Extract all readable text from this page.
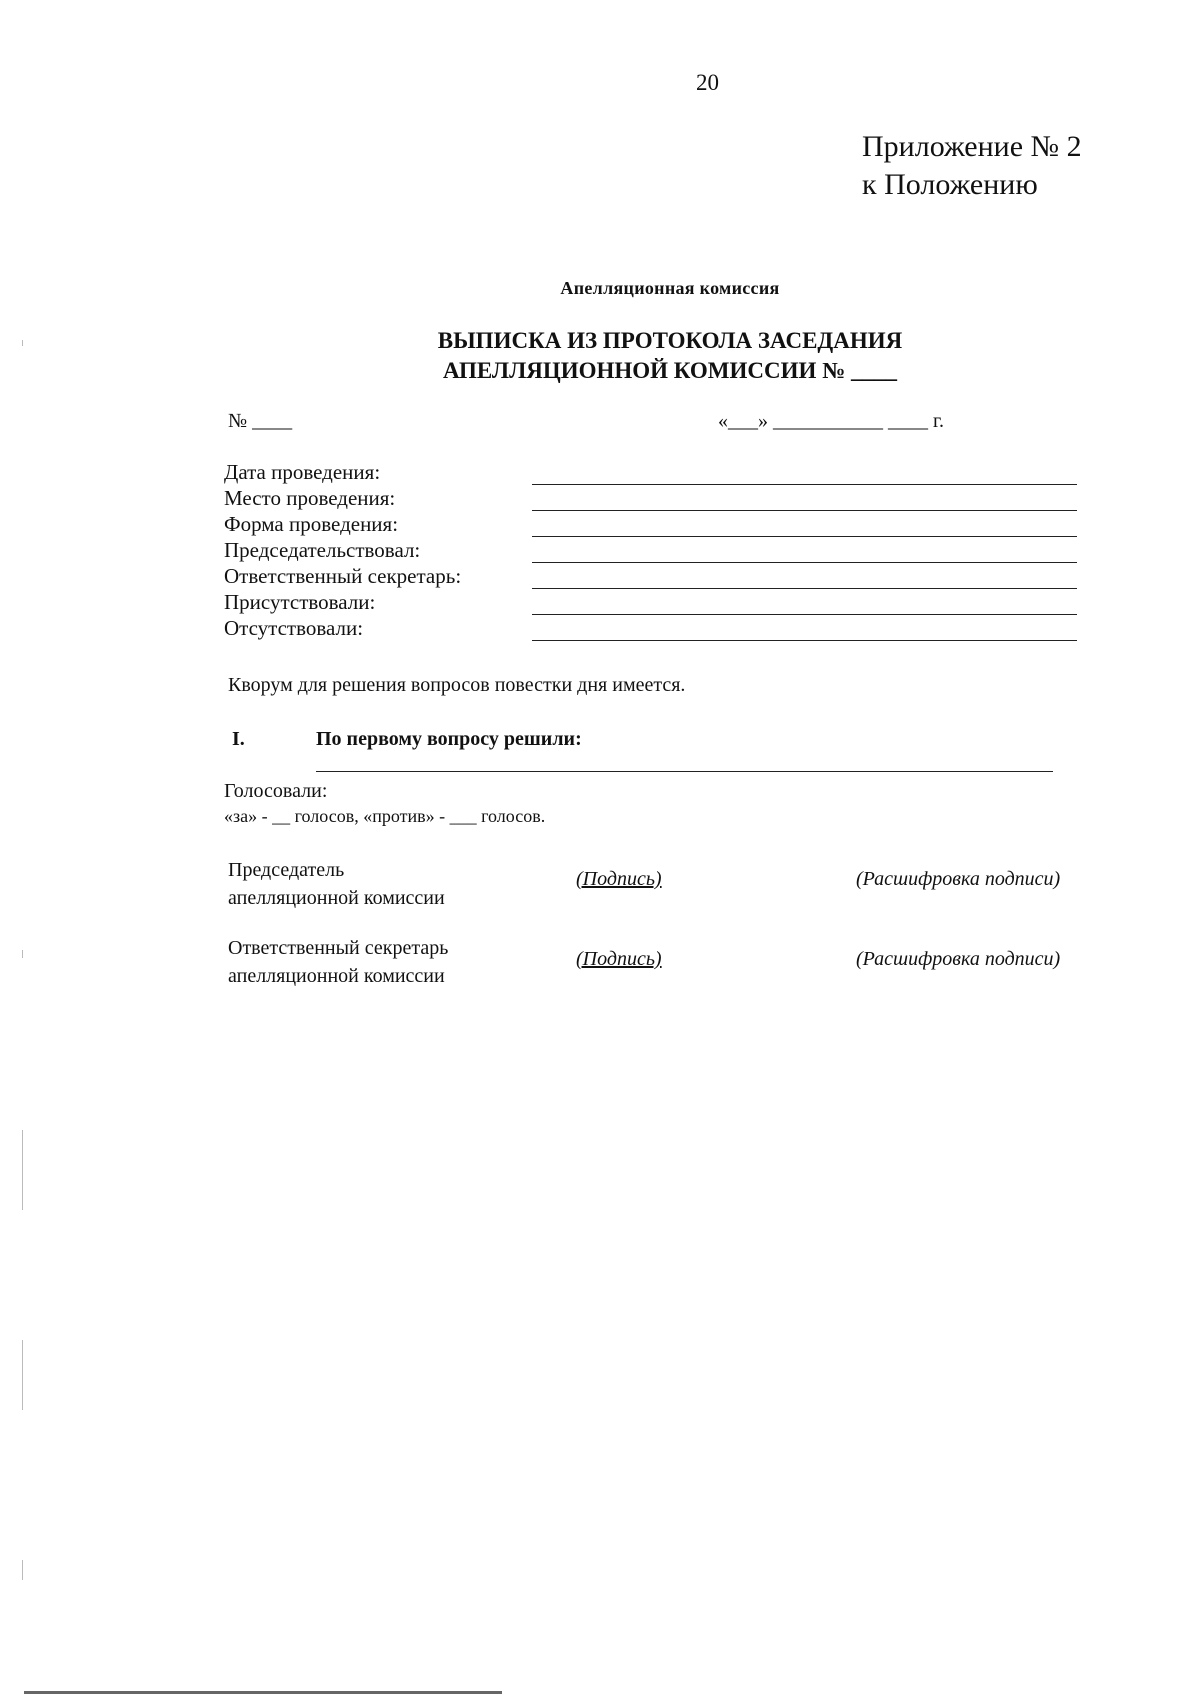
20
Приложение № 2
к Положению
Апелляционная комиссия
ВЫПИСКА ИЗ ПРОТОКОЛА ЗАСЕДАНИЯ
АПЕЛЛЯЦИОННОЙ КОМИССИИ № ____
№ ____	«___» ___________ ____ г.
Дата проведения:
Место проведения:
Форма проведения:
Председательствовал:
Ответственный секретарь:
Присутствовали:
Отсутствовали:
Кворум для решения вопросов повестки дня имеется.
I.	По первому вопросу решили:
Голосовали:
«за» - __ голосов, «против» - ___ голосов.
Председатель
апелляционной комиссии
(Подпись)	(Расшифровка подписи)
Ответственный секретарь
апелляционной комиссии
(Подпись)	(Расшифровка подписи)
